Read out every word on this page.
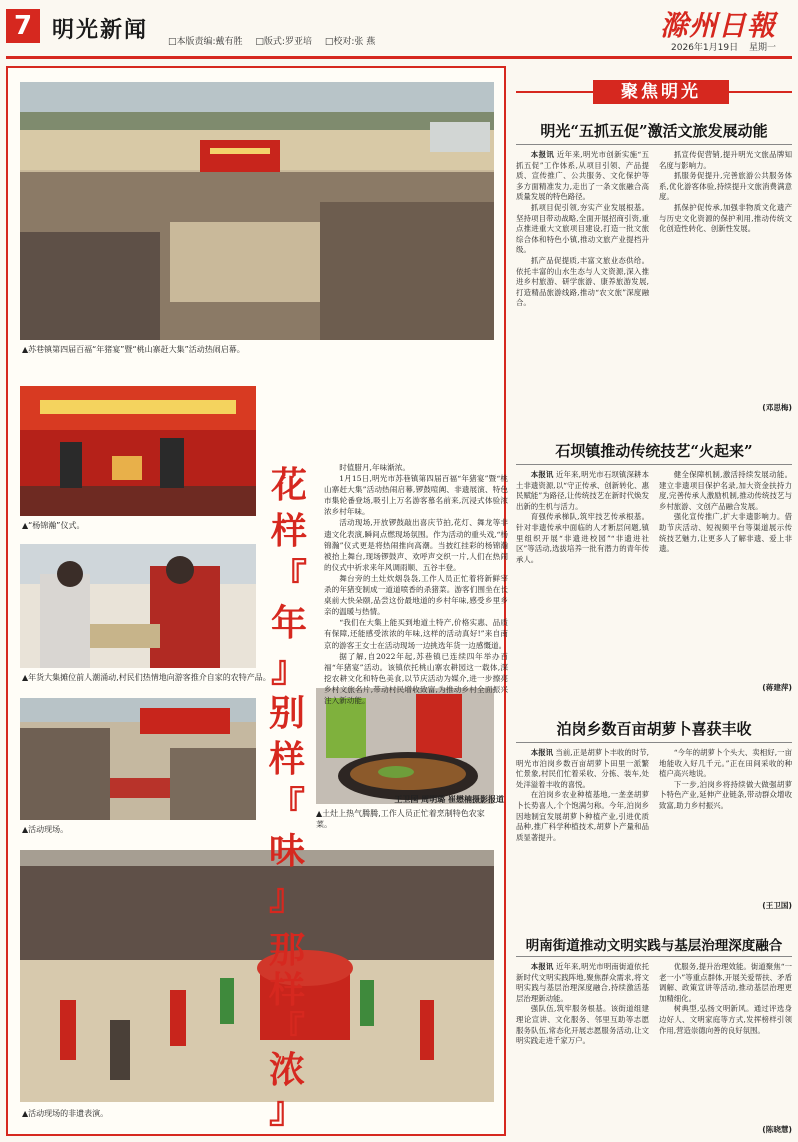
7 明光新闻 □本版责编:戴有胜 □版式:罗亚培 □校对:张 燕	滁州日報
2026年1月19日 星期一
▲苏巷镇第四届百福“年猪宴”暨“桃山寨赶大集”活动热闹启幕。
▲“杨锦瀚”仪式。
▲年货大集摊位前人潮涌动,村民们热情地向游客推介自家的农特产品。
▲土灶上热气腾腾,工作人员正忙着烹制特色农家菜。
▲活动现场。
▲活动现场的非遗表演。
花
样
『
年
』

时值腊月,年味渐浓。

1月15日,明光市苏巷镇第四届百福“年猪宴”暨“桃山寨赶大集”活动热闹启幕,锣鼓喧阗、非遗展演、特色市集轮番登场,吸引上万名游客慕名前来,沉浸式体验浓浓乡村年味。

活动现场,开放锣鼓敲出喜庆节拍,花灯、舞龙等非遗文化表演,瞬间点燃现场氛围。作为活动的重头戏,“杨锦瀚”仪式更是将热闹推向高潮。当披红挂彩的杨锦瀚被抬上舞台,现场锣鼓声、欢呼声交织一片,人们在热闹的仪式中祈求来年风调雨顺、五谷丰登。

舞台旁的土灶炊烟袅袅,工作人员正忙着将新鲜宰杀的年猪变制成一道道喷香的杀猪菜。游客们围坐在长桌前大快朵颐,品尝这份最地道的乡村年味,感受乡里乡亲的温暖与热情。

“我们在大集上能买到地道土特产,价格实惠、品质有保障,还能感受浓浓的年味,这样的活动真好!”来自南京的游客王女士在活动现场一边挑选年货一边感慨道。

据了解,自2022年起,苏巷镇已连续四年举办百福“年猪宴”活动。该镇依托桃山寨农耕园这一载体,深挖农耕文化和特色美食,以节庆活动为媒介,进一步擦亮乡村文旅名片,带动村民增收致富,为推动乡村全面振兴注入新动能。

王卫国 周明璐 崔懋楠摄影报道
别
样
『
味
』
聚焦明光
明光“五抓五促”激活文旅发展动能

本报讯 近年来,明光市创新实施“五抓五促”工作体系,从项目引领、产品提质、宣传推广、公共服务、文化保护等多方面精准发力,走出了一条文旅融合高质量发展的特色路径。

抓项目促引领,夯实产业发展根基。坚持项目带动战略,全面开展招商引资,重点推进重大文旅项目建设,打造一批文旅综合体和特色小镇,推动文旅产业提档升级。

抓产品促提质,丰富文旅业态供给。依托丰富的山水生态与人文资源,深入推进乡村旅游、研学旅游、康养旅游发展,打造精品旅游线路,推动“农文旅”深度融合。

抓宣传促营销,提升明光文旅品牌知名度与影响力。

抓服务促提升,完善旅游公共服务体系,优化游客体验,持续提升文旅消费满意度。

抓保护促传承,加强非物质文化遗产与历史文化资源的保护利用,推动传统文化创造性转化、创新性发展。

(邓思梅)
石坝镇推动传统技艺“火起来”

本报讯 近年来,明光市石坝镇深耕本土非遗资源,以“守正传承、创新转化、惠民赋能”为路径,让传统技艺在新时代焕发出新的生机与活力。

育强传承梯队,筑牢技艺传承根基。针对非遗传承中面临的人才断层问题,镇里组织开展“非遗进校园”“非遗进社区”等活动,选拔培养一批有潜力的青年传承人。

健全保障机制,激活持续发展动能。建立非遗项目保护名录,加大资金扶持力度,完善传承人激励机制,推动传统技艺与乡村旅游、文创产品融合发展。

强化宣传推广,扩大非遗影响力。借助节庆活动、短视频平台等渠道展示传统技艺魅力,让更多人了解非遗、爱上非遗。

(蒋建萍)
泊岗乡数百亩胡萝卜喜获丰收

本报讯 当前,正是胡萝卜丰收的时节,明光市泊岗乡数百亩胡萝卜田里一派繁忙景象,村民们忙着采收、分拣、装车,处处洋溢着丰收的喜悦。

在泊岗乡农业种植基地,一垄垄胡萝卜长势喜人,个个饱满匀称。今年,泊岗乡因地制宜发展胡萝卜种植产业,引进优质品种,推广科学种植技术,胡萝卜产量和品质显著提升。

“今年的胡萝卜个头大、卖相好,一亩地能收入好几千元。”正在田间采收的种植户高兴地说。

下一步,泊岗乡将持续做大做强胡萝卜特色产业,延伸产业链条,带动群众增收致富,助力乡村振兴。

(王卫国)
明南街道推动文明实践与基层治理深度融合

本报讯 近年来,明光市明南街道依托新时代文明实践阵地,聚焦群众需求,将文明实践与基层治理深度融合,持续激活基层治理新动能。

强队伍,筑牢服务根基。该街道组建理论宣讲、文化服务、邻里互助等志愿服务队伍,常态化开展志愿服务活动,让文明实践走进千家万户。

优服务,提升治理效能。街道聚焦“一老一小”等重点群体,开展关爱帮扶、矛盾调解、政策宣讲等活动,推动基层治理更加精细化。

树典型,弘扬文明新风。通过评选身边好人、文明家庭等方式,发挥榜样引领作用,营造崇德向善的良好氛围。

(陈晓慧)
那
样
『
浓
』
